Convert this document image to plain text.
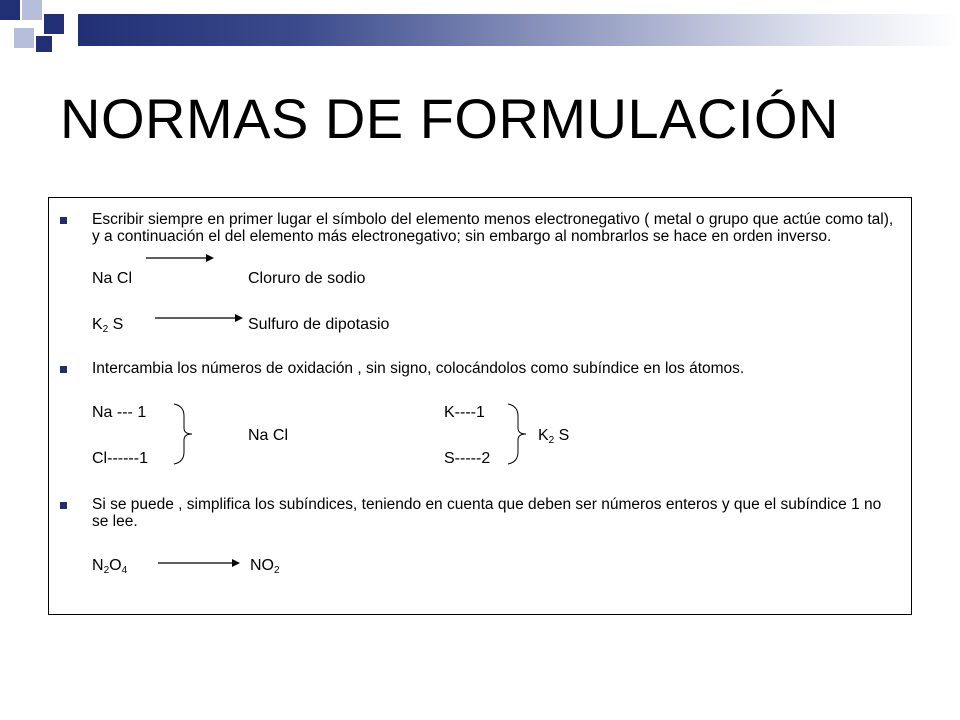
NORMAS DE FORMULACIÓN
Escribir siempre en primer lugar el símbolo del elemento menos electronegativo ( metal o grupo que actúe como tal), y a continuación el del elemento más electronegativo; sin embargo al nombrarlos se hace en orden inverso.
Na Cl	Cloruro de sodio
$K_2$ S	Sulfuro de dipotasio
Intercambia los números de oxidación , sin signo, colocándolos como subíndice en los átomos.
Na --- 1
Cl------1
Na Cl
K----1
S-----2
$K_2$ S
Si se puede , simplifica los subíndices, teniendo en cuenta que deben ser números enteros y que el subíndice 1 no se lee.
$N_2O_4$	$NO_2$
